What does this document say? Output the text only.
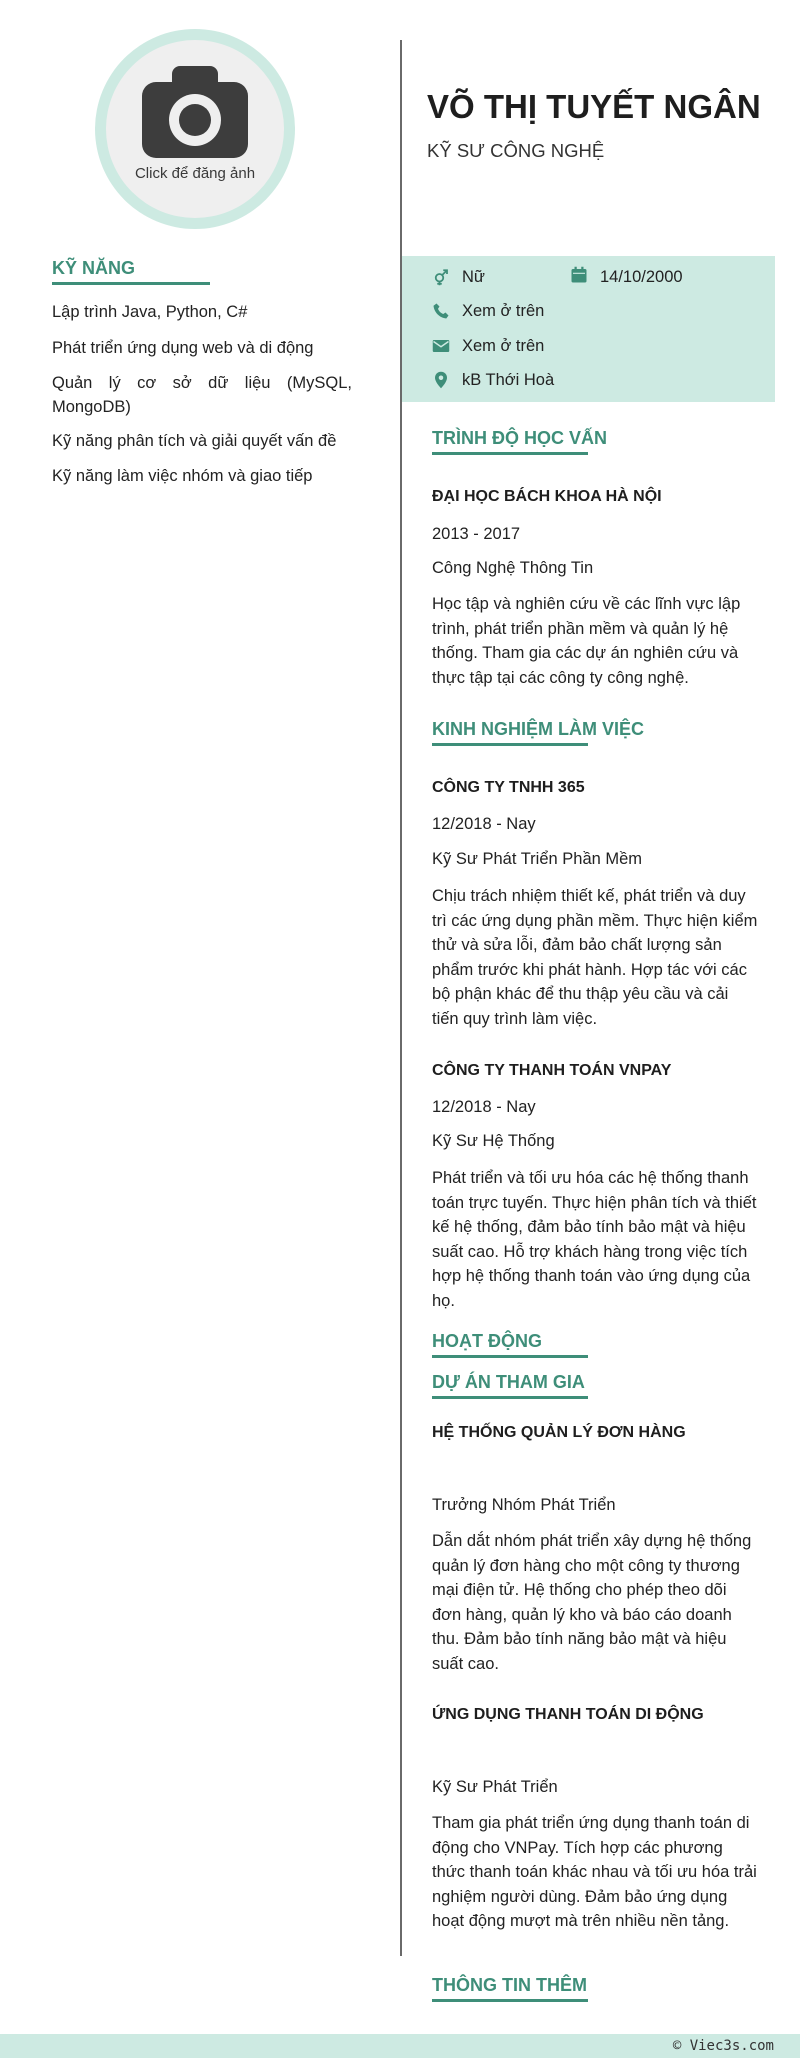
Click để đăng ảnh
KỸ NĂNG
Lập trình Java, Python, C#
Phát triển ứng dụng web và di động
Quản lý cơ sở dữ liệu (MySQL, MongoDB)
Kỹ năng phân tích và giải quyết vấn đề
Kỹ năng làm việc nhóm và giao tiếp
VÕ THỊ TUYẾT NGÂN
KỸ SƯ CÔNG NGHỆ
Nữ	14/10/2000
Xem ở trên
Xem ở trên
kB Thới Hoà
TRÌNH ĐỘ HỌC VẤN
ĐẠI HỌC BÁCH KHOA HÀ NỘI
2013 - 2017
Công Nghệ Thông Tin
Học tập và nghiên cứu về các lĩnh vực lập trình, phát triển phần mềm và quản lý hệ thống. Tham gia các dự án nghiên cứu và thực tập tại các công ty công nghệ.
KINH NGHIỆM LÀM VIỆC
CÔNG TY TNHH 365
12/2018 - Nay
Kỹ Sư Phát Triển Phần Mềm
Chịu trách nhiệm thiết kế, phát triển và duy trì các ứng dụng phần mềm. Thực hiện kiểm thử và sửa lỗi, đảm bảo chất lượng sản phẩm trước khi phát hành. Hợp tác với các bộ phận khác để thu thập yêu cầu và cải tiến quy trình làm việc.
CÔNG TY THANH TOÁN VNPAY
12/2018 - Nay
Kỹ Sư Hệ Thống
Phát triển và tối ưu hóa các hệ thống thanh toán trực tuyến. Thực hiện phân tích và thiết kế hệ thống, đảm bảo tính bảo mật và hiệu suất cao. Hỗ trợ khách hàng trong việc tích hợp hệ thống thanh toán vào ứng dụng của họ.
HOẠT ĐỘNG
DỰ ÁN THAM GIA
HỆ THỐNG QUẢN LÝ ĐƠN HÀNG
Trưởng Nhóm Phát Triển
Dẫn dắt nhóm phát triển xây dựng hệ thống quản lý đơn hàng cho một công ty thương mại điện tử. Hệ thống cho phép theo dõi đơn hàng, quản lý kho và báo cáo doanh thu. Đảm bảo tính năng bảo mật và hiệu suất cao.
ỨNG DỤNG THANH TOÁN DI ĐỘNG
Kỹ Sư Phát Triển
Tham gia phát triển ứng dụng thanh toán di động cho VNPay. Tích hợp các phương thức thanh toán khác nhau và tối ưu hóa trải nghiệm người dùng. Đảm bảo ứng dụng hoạt động mượt mà trên nhiều nền tảng.
THÔNG TIN THÊM
© Viec3s.com
